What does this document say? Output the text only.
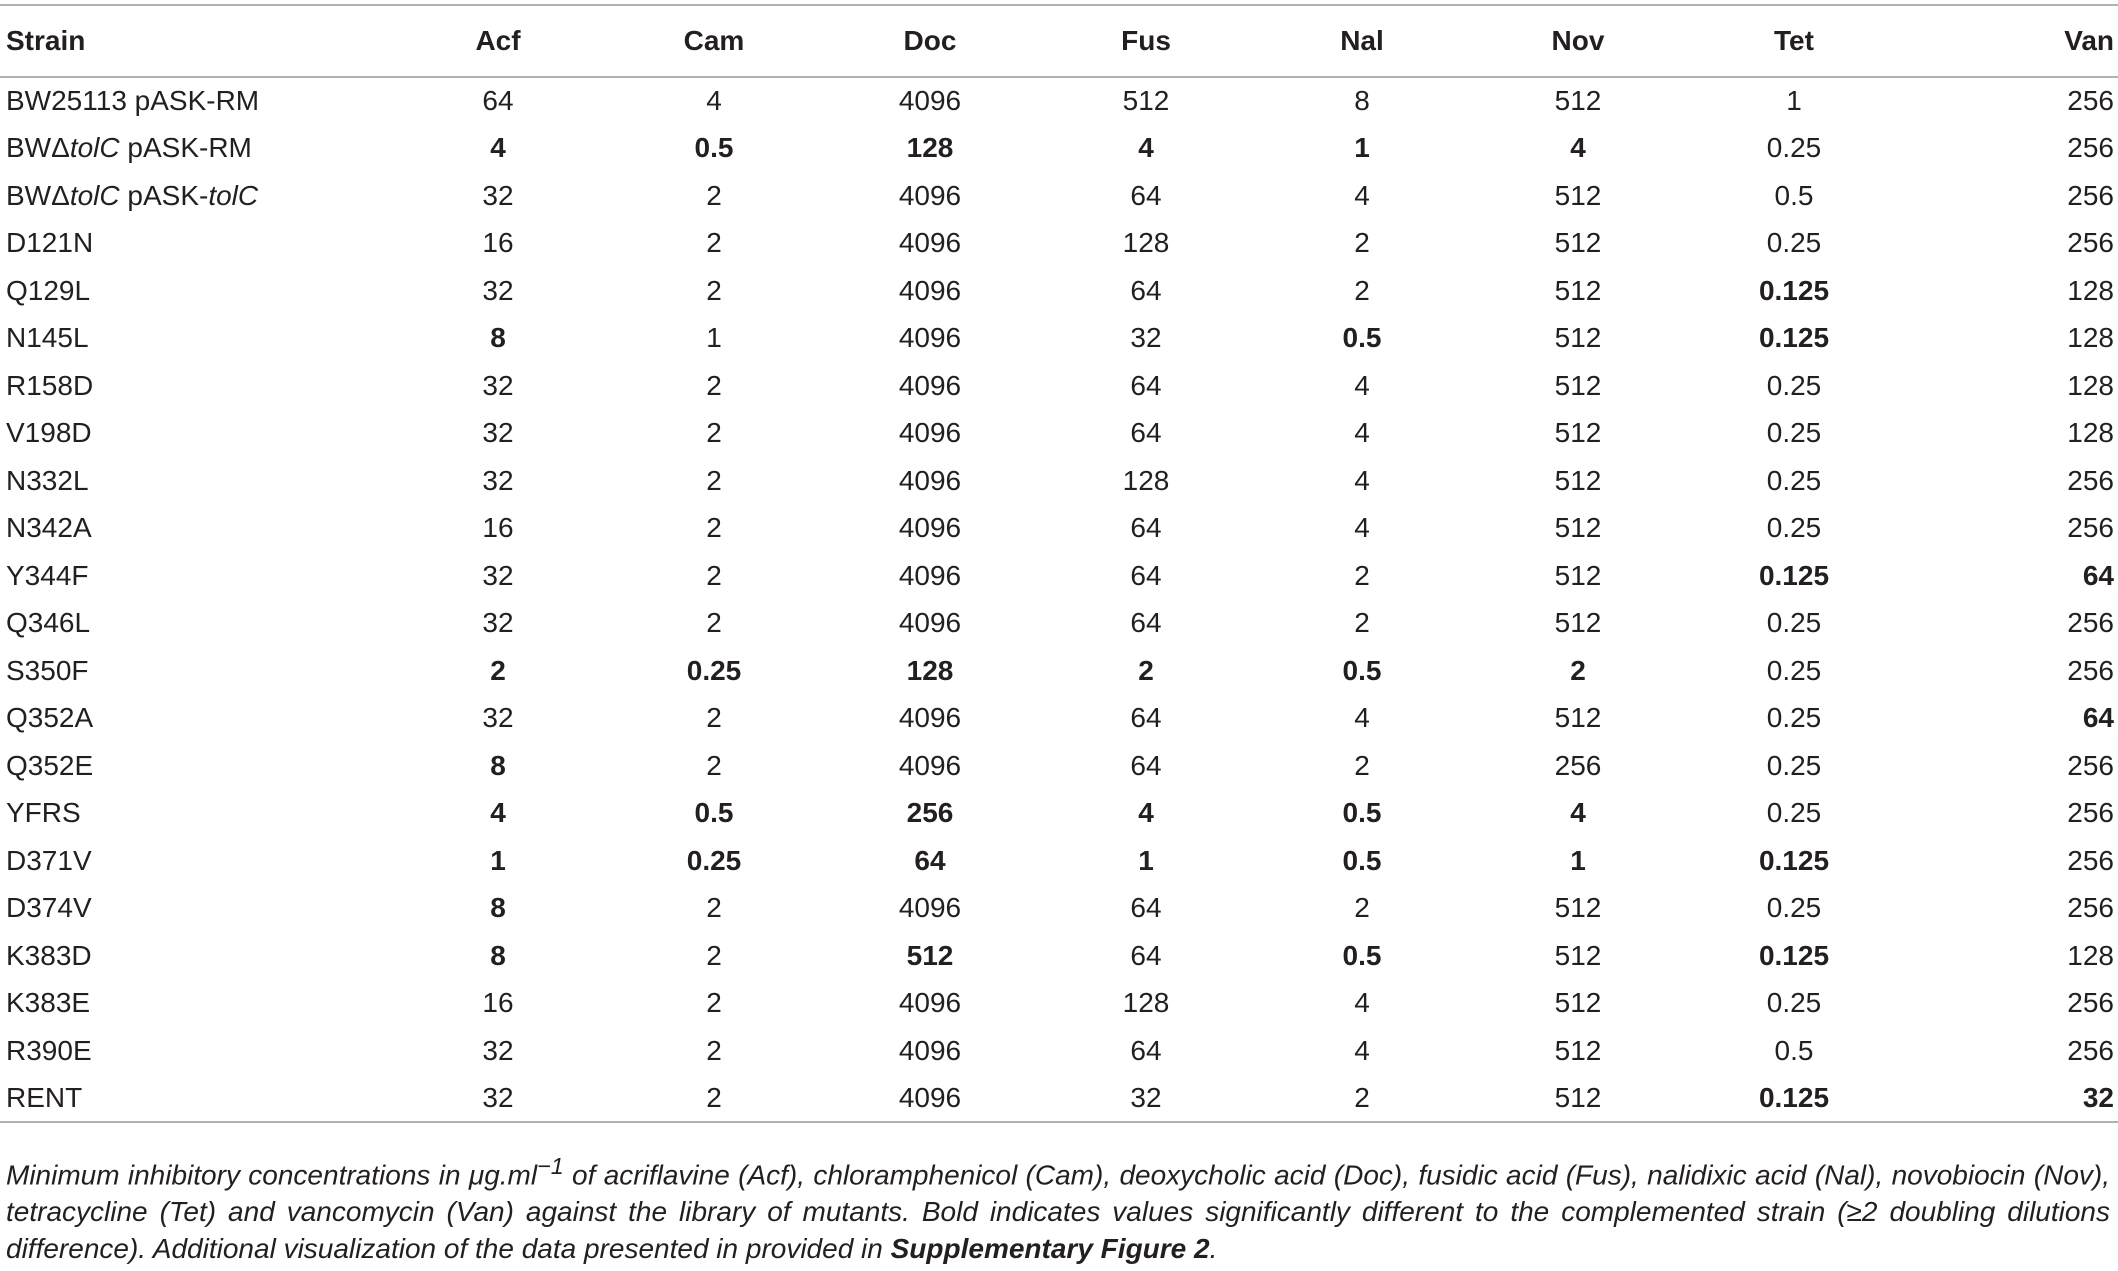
Strain	Acf	Cam	Doc	Fus	Nal	Nov	Tet	Van
BW25113 pASK-RM	64	4	4096	512	8	512	1	256
BWΔtolC pASK-RM	4	0.5	128	4	1	4	0.25	256
BWΔtolC pASK-tolC	32	2	4096	64	4	512	0.5	256
D121N	16	2	4096	128	2	512	0.25	256
Q129L	32	2	4096	64	2	512	0.125	128
N145L	8	1	4096	32	0.5	512	0.125	128
R158D	32	2	4096	64	4	512	0.25	128
V198D	32	2	4096	64	4	512	0.25	128
N332L	32	2	4096	128	4	512	0.25	256
N342A	16	2	4096	64	4	512	0.25	256
Y344F	32	2	4096	64	2	512	0.125	64
Q346L	32	2	4096	64	2	512	0.25	256
S350F	2	0.25	128	2	0.5	2	0.25	256
Q352A	32	2	4096	64	4	512	0.25	64
Q352E	8	2	4096	64	2	256	0.25	256
YFRS	4	0.5	256	4	0.5	4	0.25	256
D371V	1	0.25	64	1	0.5	1	0.125	256
D374V	8	2	4096	64	2	512	0.25	256
K383D	8	2	512	64	0.5	512	0.125	128
K383E	16	2	4096	128	4	512	0.25	256
R390E	32	2	4096	64	4	512	0.5	256
RENT	32	2	4096	32	2	512	0.125	32
Minimum inhibitory concentrations in $\mu g.ml^{-1}$ of acriflavine (Acf), chloramphenicol (Cam), deoxycholic acid (Doc), fusidic acid (Fus), nalidixic acid (Nal), novobiocin (Nov), tetracycline (Tet) and vancomycin (Van) against the library of mutants. Bold indicates values significantly different to the complemented strain (≥2 doubling dilutions difference). Additional visualization of the data presented in provided in Supplementary Figure 2.
